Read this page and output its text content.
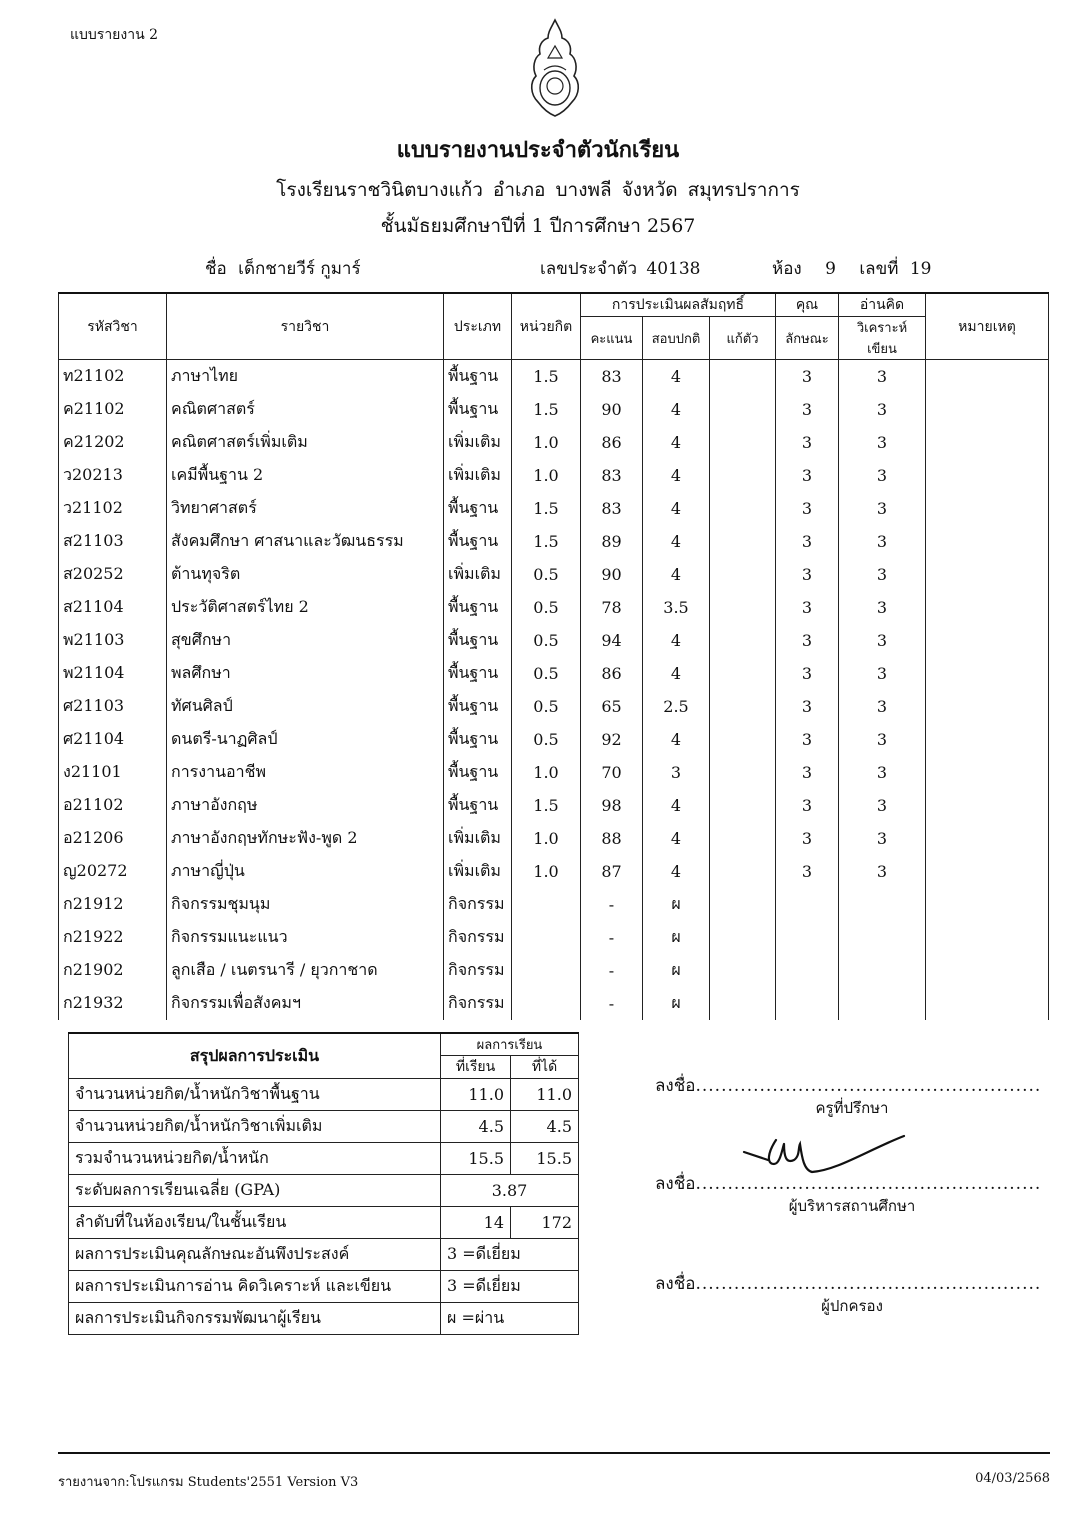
แบบรายงาน 2
แบบรายงานประจำตัวนักเรียน
โรงเรียนราชวินิตบางแก้ว อำเภอ บางพลี จังหวัด สมุทรปราการ
ชั้นมัธยมศึกษาปีที่ 1 ปีการศึกษา 2567
ชื่อ เด็กชายวีร์ กูมาร์	เลขประจำตัว 40138	ห้อง 9 เลขที่ 19
รหัสวิชา	รายวิชา	ประเภท	หน่วยกิต	การประเมินผลสัมฤทธิ์			คุณ	อ่านคิด	หมายเหตุ
				คะแนน	สอบปกติ	แก้ตัว	ลักษณะ	วิเคราะห์เขียน	
ท21102	ภาษาไทย	พื้นฐาน	1.5	83	4		3	3	
ค21102	คณิตศาสตร์	พื้นฐาน	1.5	90	4		3	3	
ค21202	คณิตศาสตร์เพิ่มเติม	เพิ่มเติม	1.0	86	4		3	3	
ว20213	เคมีพื้นฐาน 2	เพิ่มเติม	1.0	83	4		3	3	
ว21102	วิทยาศาสตร์	พื้นฐาน	1.5	83	4		3	3	
ส21103	สังคมศึกษา ศาสนาและวัฒนธรรม	พื้นฐาน	1.5	89	4		3	3	
ส20252	ต้านทุจริต	เพิ่มเติม	0.5	90	4		3	3	
ส21104	ประวัติศาสตร์ไทย 2	พื้นฐาน	0.5	78	3.5		3	3	
พ21103	สุขศึกษา	พื้นฐาน	0.5	94	4		3	3	
พ21104	พลศึกษา	พื้นฐาน	0.5	86	4		3	3	
ศ21103	ทัศนศิลป์	พื้นฐาน	0.5	65	2.5		3	3	
ศ21104	ดนตรี-นาฏศิลป์	พื้นฐาน	0.5	92	4		3	3	
ง21101	การงานอาชีพ	พื้นฐาน	1.0	70	3		3	3	
อ21102	ภาษาอังกฤษ	พื้นฐาน	1.5	98	4		3	3	
อ21206	ภาษาอังกฤษทักษะฟัง-พูด 2	เพิ่มเติม	1.0	88	4		3	3	
ญ20272	ภาษาญี่ปุ่น	เพิ่มเติม	1.0	87	4		3	3	
ก21912	กิจกรรมชุมนุม	กิจกรรม		-	ผ				
ก21922	กิจกรรมแนะแนว	กิจกรรม		-	ผ				
ก21902	ลูกเสือ / เนตรนารี / ยุวกาชาด	กิจกรรม		-	ผ				
ก21932	กิจกรรมเพื่อสังคมฯ	กิจกรรม		-	ผ				
สรุปผลการประเมิน	ผลการเรียน	
	ที่เรียน	ที่ได้
จำนวนหน่วยกิต/น้ำหนักวิชาพื้นฐาน	11.0	11.0
จำนวนหน่วยกิต/น้ำหนักวิชาเพิ่มเติม	4.5	4.5
รวมจำนวนหน่วยกิต/น้ำหนัก	15.5	15.5
ระดับผลการเรียนเฉลี่ย (GPA)	3.87	
ลำดับที่ในห้องเรียน/ในชั้นเรียน	14	172
ผลการประเมินคุณลักษณะอันพึงประสงค์	3 =ดีเยี่ยม	
ผลการประเมินการอ่าน คิดวิเคราะห์ และเขียน	3 =ดีเยี่ยม	
ผลการประเมินกิจกรรมพัฒนาผู้เรียน	ผ =ผ่าน	
ลงชื่อ......................................................
ครูที่ปรึกษา
ลงชื่อ......................................................
ผู้บริหารสถานศึกษา
ลงชื่อ......................................................
ผู้ปกครอง
รายงานจาก:โปรแกรม Students'2551 Version V3	04/03/2568
